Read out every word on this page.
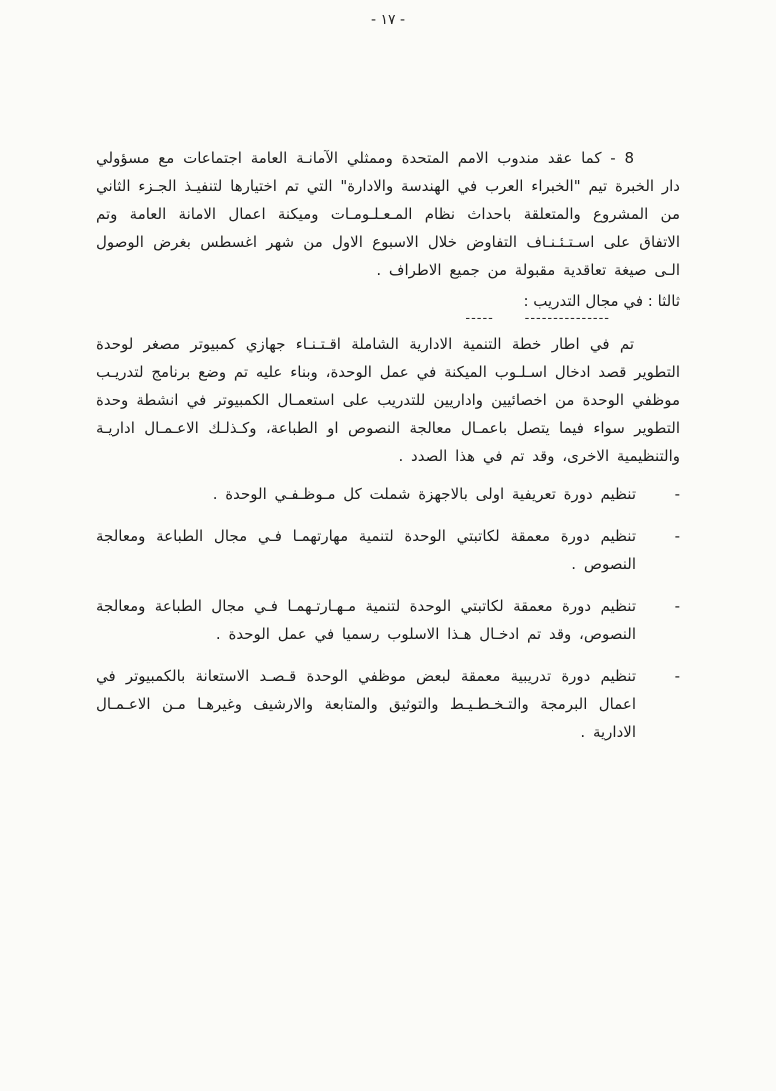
- ١٧ -

8 - كما عقد مندوب الامم المتحدة وممثلي الآمانـة العامة اجتماعات مع مسؤولي دار الخبرة تيم "الخبراء العرب في الهندسة والادارة" التي تم اختيارها لتنفيـذ الجـزء الثاني من المشروع والمتعلقة باحداث نظام المـعـلـومـات وميكنة اعمال الامانة العامة وتم الاتفاق على اسـتـئـنـاف التفاوض خلال الاسبوع الاول من شهر اغسطس بغرض الوصول الـى صيغة تعاقدية مقبولة من جميع الاطراف .

ثالثا : في مجال التدريب :
---------------      -----

تم في اطار خطة التنمية الادارية الشاملة اقـتـنـاء جهازي كمبيوتر مصغر لوحدة التطوير قصد ادخال اسـلـوب الميكنة في عمل الوحدة، وبناء عليه تم وضع برنامج لتدريـب موظفي الوحدة من اخصائيين واداريين للتدريب على استعمـال الكمبيوتر في انشطة وحدة التطوير سواء فيما يتصل باعمـال معالجة النصوص او الطباعة، وكـذلـك الاعـمـال اداريـة والتنظيمية الاخرى، وقد تم في هذا الصدد .

-
تنظيم دورة تعريفية اولى بالاجهزة شملت كل مـوظـفـي الوحدة .
-
تنظيم دورة معمقة لكاتبتي الوحدة لتنمية مهارتهمـا فـي مجال الطباعة ومعالجة النصوص .
-
تنظيم دورة معمقة لكاتبتي الوحدة لتنمية مـهـارتـهمـا فـي مجال الطباعة ومعالجة النصوص، وقد تم ادخـال هـذا الاسلوب رسميا في عمل الوحدة .
-
تنظيم دورة تدريبية معمقة لبعض موظفي الوحدة قـصـد الاستعانة بالكمبيوتر في اعمال البرمجة والتـخـطـيـط والتوثيق والمتابعة والارشيف وغيرهـا مـن الاعـمـال الادارية .
